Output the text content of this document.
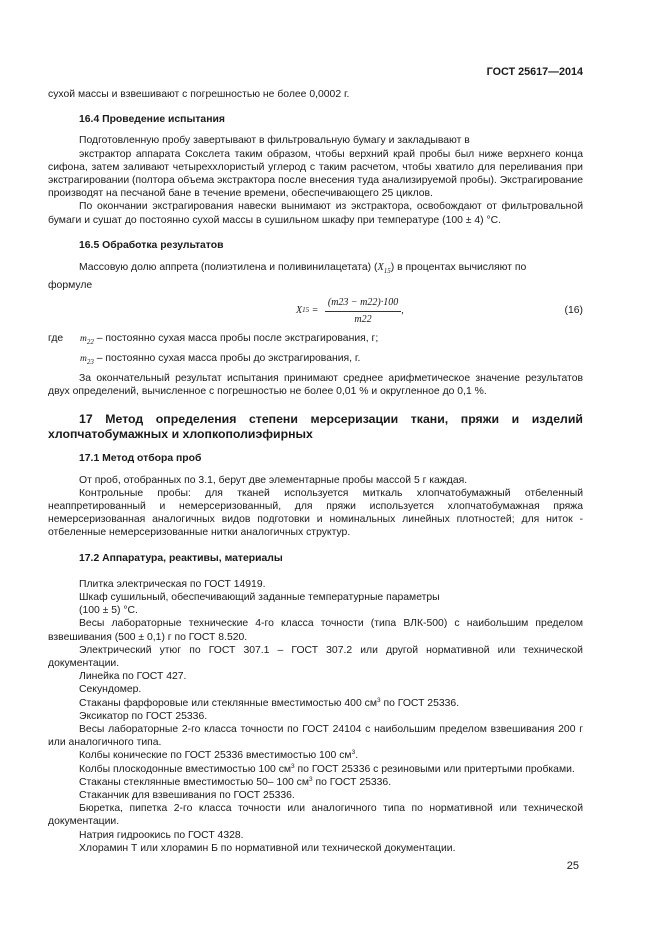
ГОСТ 25617—2014

сухой массы и взвешивают с погрешностью не более 0,0002 г.

16.4 Проведение испытания

Подготовленную пробу завертывают в фильтровальную бумагу и закладывают в

экстрактор аппарата Сокслета таким образом, чтобы верхний край пробы был ниже верхнего конца сифона, затем заливают четыреххлористый углерод с таким расчетом, чтобы хватило для переливания при экстрагировании (полтора объема экстрактора после внесения туда анализируемой пробы). Экстрагирование производят на песчаной бане в течение времени, обеспечивающего 25 циклов.

По окончании экстрагирования навески вынимают из экстрактора, освобождают от фильтровальной бумаги и сушат до постоянно сухой массы в сушильном шкафу при температуре (100 ± 4) °С.

16.5 Обработка результатов

Массовую долю аппрета (полиэтилена и поливинилацетата) $(X_{15})$ в процентах вычисляют по

формуле

X $15 = \frac{(m23 - m22)\cdot 100}{m22}$ ,	(16)
где	$m_{22}$ – постоянно сухая масса пробы после экстрагирования, г;
$m_{23}$ – постоянно сухая масса пробы до экстрагирования, г.

За окончательный результат испытания принимают среднее арифметическое значение результатов двух определений, вычисленное с погрешностью не более 0,01 % и округленное до 0,1 %.

17 Метод определения степени мерсеризации ткани, пряжи и изделий хлопчатобумажных и хлопкополиэфирных
17.1 Метод отбора проб

От проб, отобранных по 3.1, берут две элементарные пробы массой 5 г каждая.

Контрольные пробы: для тканей используется миткаль хлопчатобумажный отбеленный неаппретированный и немерсеризованный, для пряжи используется хлопчатобумажная пряжа немерсеризованная аналогичных видов подготовки и номинальных линейных плотностей; для ниток - отбеленные немерсеризованные нитки аналогичных структур.

17.2 Аппаратура, реактивы, материалы

Плитка электрическая по ГОСТ 14919.

Шкаф сушильный, обеспечивающий заданные температурные параметры

(100 ± 5) °С.

Весы лабораторные технические 4-го класса точности (типа ВЛК-500) с наибольшим пределом взвешивания (500 ± 0,1) г по ГОСТ 8.520.

Электрический утюг по ГОСТ 307.1 – ГОСТ 307.2 или другой нормативной или технической документации.

Линейка по ГОСТ 427.

Секундомер.

Стаканы фарфоровые или стеклянные вместимостью 400 $см^3$ по ГОСТ 25336.

Эксикатор по ГОСТ 25336.

Весы лабораторные 2-го класса точности по ГОСТ 24104 с наибольшим пределом взвешивания 200 г или аналогичного типа.

Колбы конические по ГОСТ 25336 вместимостью 100 $см^3$.

Колбы плоскодонные вместимостью 100 $см^3$ по ГОСТ 25336 с резиновыми или притертыми пробками.

Стаканы стеклянные вместимостью 50– 100 $см^3$ по ГОСТ 25336.

Стаканчик для взвешивания по ГОСТ 25336.

Бюретка, пипетка 2-го класса точности или аналогичного типа по нормативной или технической документации.

Натрия гидроокись по ГОСТ 4328.

Хлорамин Т или хлорамин Б по нормативной или технической документации.

25
